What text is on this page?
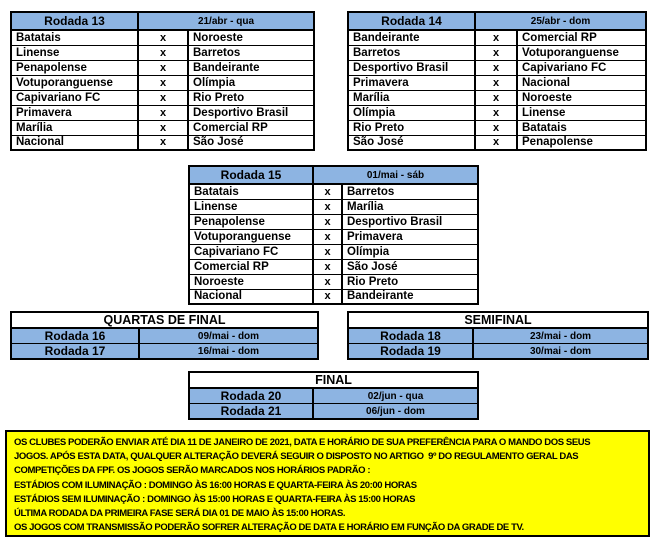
Rodada 13	21/abr - qua	
Batatais	x	Noroeste
Linense	x	Barretos
Penapolense	x	Bandeirante
Votuporanguense	x	Olímpia
Capivariano FC	x	Rio Preto
Primavera	x	Desportivo Brasil
Marília	x	Comercial RP
Nacional	x	São José
Rodada 14	25/abr - dom	
Bandeirante	x	Comercial RP
Barretos	x	Votuporanguense
Desportivo Brasil	x	Capivariano FC
Primavera	x	Nacional
Marília	x	Noroeste
Olímpia	x	Linense
Rio Preto	x	Batatais
São José	x	Penapolense
Rodada 15	01/mai - sáb	
Batatais	x	Barretos
Linense	x	Marília
Penapolense	x	Desportivo Brasil
Votuporanguense	x	Primavera
Capivariano FC	x	Olímpia
Comercial RP	x	São José
Noroeste	x	Rio Preto
Nacional	x	Bandeirante
QUARTAS DE FINAL	
Rodada 16	09/mai - dom
Rodada 17	16/mai - dom
SEMIFINAL	
Rodada 18	23/mai - dom
Rodada 19	30/mai - dom
FINAL	
Rodada 20	02/jun - qua
Rodada 21	06/jun - dom
OS CLUBES PODERÃO ENVIAR ATÉ DIA 11 DE JANEIRO DE 2021, DATA E HORÁRIO DE SUA PREFERÊNCIA PARA O MANDO DOS SEUS
JOGOS. APÓS ESTA DATA, QUALQUER ALTERAÇÃO DEVERÁ SEGUIR O DISPOSTO NO ARTIGO  9º DO REGULAMENTO GERAL DAS
COMPETIÇÕES DA FPF. OS JOGOS SERÃO MARCADOS NOS HORÁRIOS PADRÃO :
ESTÁDIOS COM ILUMINAÇÃO : DOMINGO ÀS 16:00 HORAS E QUARTA-FEIRA ÀS 20:00 HORAS
ESTÁDIOS SEM ILUMINAÇÃO : DOMINGO ÀS 15:00 HORAS E QUARTA-FEIRA ÀS 15:00 HORAS
ÚLTIMA RODADA DA PRIMEIRA FASE SERÁ DIA 01 DE MAIO ÀS 15:00 HORAS.
OS JOGOS COM TRANSMISSÃO PODERÃO SOFRER ALTERAÇÃO DE DATA E HORÁRIO EM FUNÇÃO DA GRADE DE TV.
